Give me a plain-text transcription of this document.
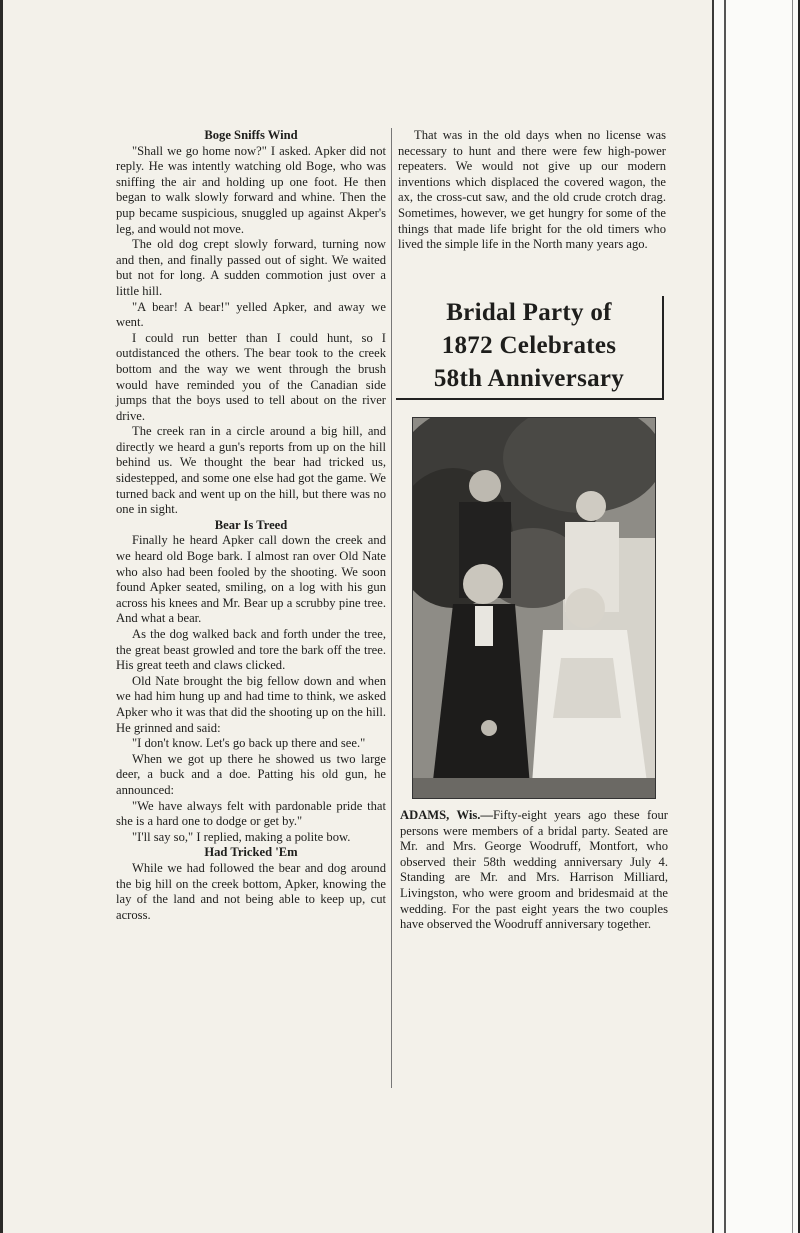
Boge Sniffs Wind

"Shall we go home now?" I asked. Apker did not reply. He was intently watching old Boge, who was sniffing the air and holding up one foot. He then began to walk slowly forward and whine. Then the pup became suspicious, snuggled up against Akper's leg, and would not move.

The old dog crept slowly forward, turning now and then, and finally passed out of sight. We waited but not for long. A sudden commotion just over a little hill.

"A bear! A bear!" yelled Apker, and away we went.

I could run better than I could hunt, so I outdistanced the others. The bear took to the creek bottom and the way we went through the brush would have reminded you of the Canadian side jumps that the boys used to tell about on the river drive.

The creek ran in a circle around a big hill, and directly we heard a gun's reports from up on the hill behind us. We thought the bear had tricked us, sidestepped, and some one else had got the game. We turned back and went up on the hill, but there was no one in sight.

Bear Is Treed

Finally he heard Apker call down the creek and we heard old Boge bark. I almost ran over Old Nate who also had been fooled by the shooting. We soon found Apker seated, smiling, on a log with his gun across his knees and Mr. Bear up a scrubby pine tree. And what a bear.

As the dog walked back and forth under the tree, the great beast growled and tore the bark off the tree. His great teeth and claws clicked.

Old Nate brought the big fellow down and when we had him hung up and had time to think, we asked Apker who it was that did the shooting up on the hill. He grinned and said:

"I don't know. Let's go back up there and see."

When we got up there he showed us two large deer, a buck and a doe. Patting his old gun, he announced:

"We have always felt with pardonable pride that she is a hard one to dodge or get by."

"I'll say so," I replied, making a polite bow.

Had Tricked 'Em

While we had followed the bear and dog around the big hill on the creek bottom, Apker, knowing the lay of the land and not being able to keep up, cut across.

That was in the old days when no license was necessary to hunt and there were few high-power repeaters. We would not give up our modern inventions which displaced the covered wagon, the ax, the cross-cut saw, and the old crude crotch drag. Sometimes, however, we get hungry for some of the things that made life bright for the old timers who lived the simple life in the North many years ago.

Bridal Party of

1872 Celebrates

58th Anniversary

ADAMS, Wis.—Fifty-eight years ago these four persons were members of a bridal party. Seated are Mr. and Mrs. George Woodruff, Montfort, who observed their 58th wedding anniversary July 4. Standing are Mr. and Mrs. Harrison Milliard, Livingston, who were groom and bridesmaid at the wedding. For the past eight years the two couples have observed the Woodruff anniversary together.
